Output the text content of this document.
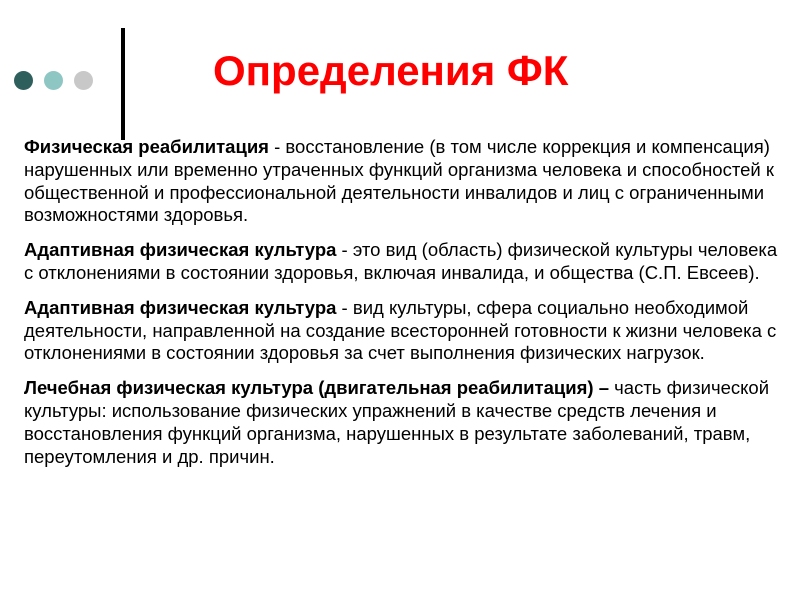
Определения ФК

Физическая реабилитация - восстановление (в том числе коррекция и компенсация) нарушенных или временно утраченных функций организма человека и способностей к общественной и профессиональной деятельности инвалидов и лиц с ограниченными возможностями здоровья.

Адаптивная физическая культура - это вид (область) физической культуры человека с отклонениями в состоянии здоровья, включая инвалида, и общества (С.П. Евсеев).

Адаптивная физическая культура - вид культуры, сфера социально необходимой деятельности, направленной на создание всесторонней готовности к жизни человека с отклонениями в состоянии здоровья за счет выполнения физических нагрузок.

Лечебная физическая культура (двигательная реабилитация) – часть физической культуры: использование физических упражнений в качестве средств лечения и восстановления функций организма, нарушенных в результате заболеваний, травм, переутомления и др. причин.
